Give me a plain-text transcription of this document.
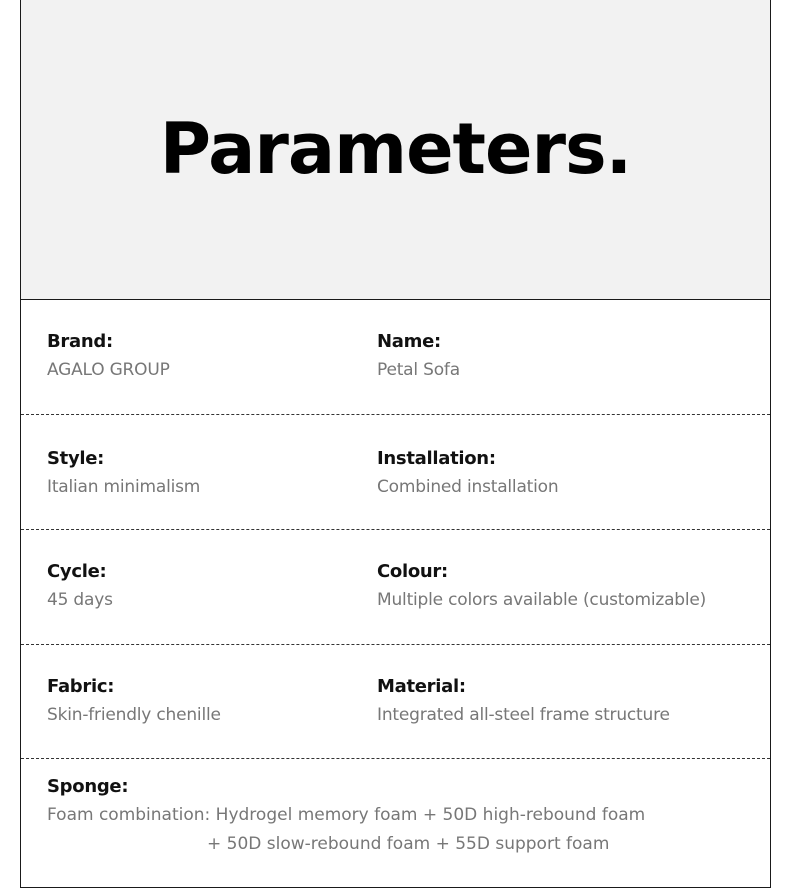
Parameters.
Brand:
AGALO GROUP
Name:
Petal Sofa
Style:
Italian minimalism
Installation:
Combined installation
Cycle:
45 days
Colour:
Multiple colors available (customizable)
Fabric:
Skin-friendly chenille
Material:
Integrated all-steel frame structure
Sponge:
Foam combination: Hydrogel memory foam + 50D high-rebound foam
+ 50D slow-rebound foam + 55D support foam
